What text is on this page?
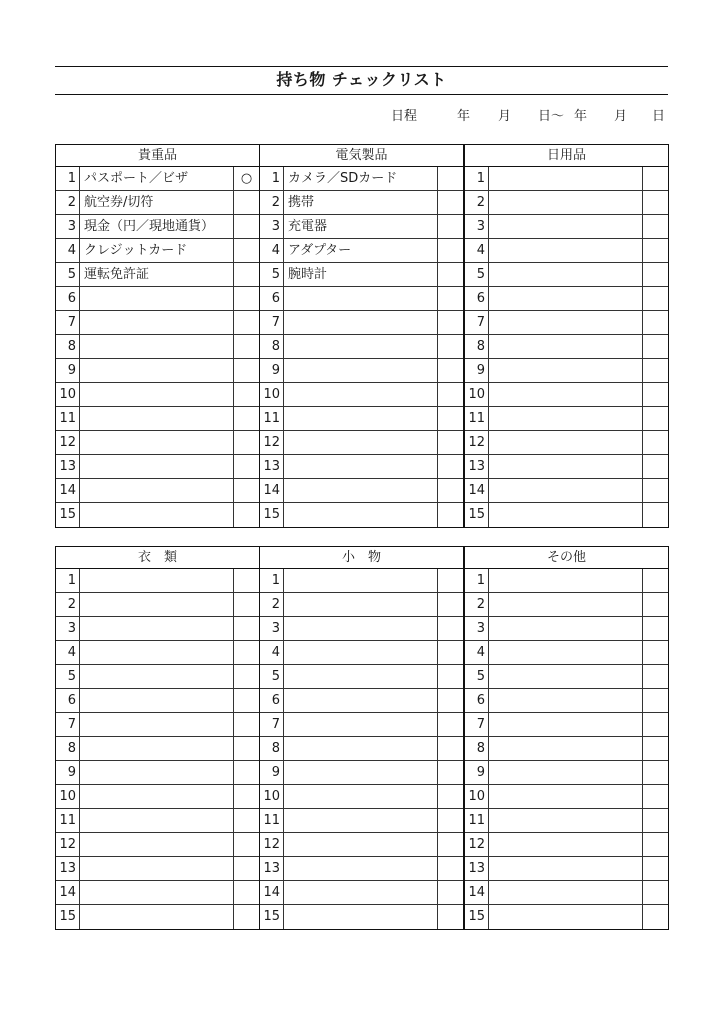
持ち物 チェックリスト
日程	年 月 日～ 年 月 日
貴重品
1 パスポート／ビザ	○
2 航空券/切符
3 現金（円／現地通貨）
4 クレジットカード
5 運転免許証
6
7
8
9
10
11
12
13
14
15
電気製品
1 カメラ／SDカード
2 携帯
3 充電器
4 アダプター
5 腕時計
6
7
8
9
10
11
12
13
14
15
日用品
1
2
3
4
5
6
7
8
9
10
11
12
13
14
15
衣　類
1
2
3
4
5
6
7
8
9
10
11
12
13
14
15
小　物
1
2
3
4
5
6
7
8
9
10
11
12
13
14
15
その他
1
2
3
4
5
6
7
8
9
10
11
12
13
14
15
